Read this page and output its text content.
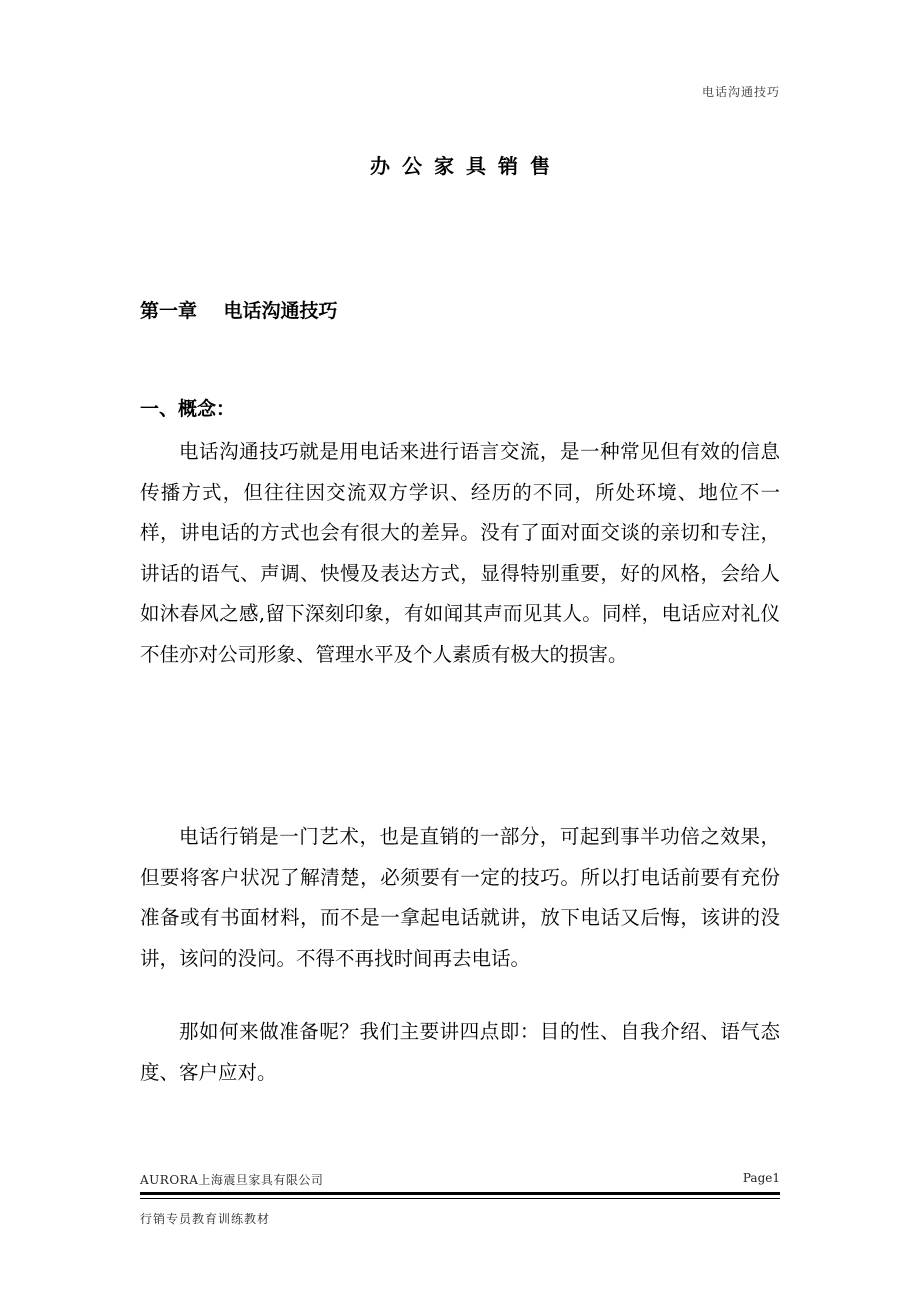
电话沟通技巧
办公家具销售
第一章    电话沟通技巧
一、概念：

电话沟通技巧就是用电话来进行语言交流，是一种常见但有效的信息传播方式，但往往因交流双方学识、经历的不同，所处环境、地位不一样，讲电话的方式也会有很大的差异。没有了面对面交谈的亲切和专注，讲话的语气、声调、快慢及表达方式，显得特别重要，好的风格，会给人如沐春风之感,留下深刻印象，有如闻其声而见其人。同样，电话应对礼仪不佳亦对公司形象、管理水平及个人素质有极大的损害。

电话行销是一门艺术，也是直销的一部分，可起到事半功倍之效果，但要将客户状况了解清楚，必须要有一定的技巧。所以打电话前要有充份准备或有书面材料，而不是一拿起电话就讲，放下电话又后悔，该讲的没讲，该问的没问。不得不再找时间再去电话。

那如何来做准备呢？我们主要讲四点即：目的性、自我介绍、语气态度、客户应对。

AURORA上海震旦家具有限公司	Page1
行销专员教育训练教材
